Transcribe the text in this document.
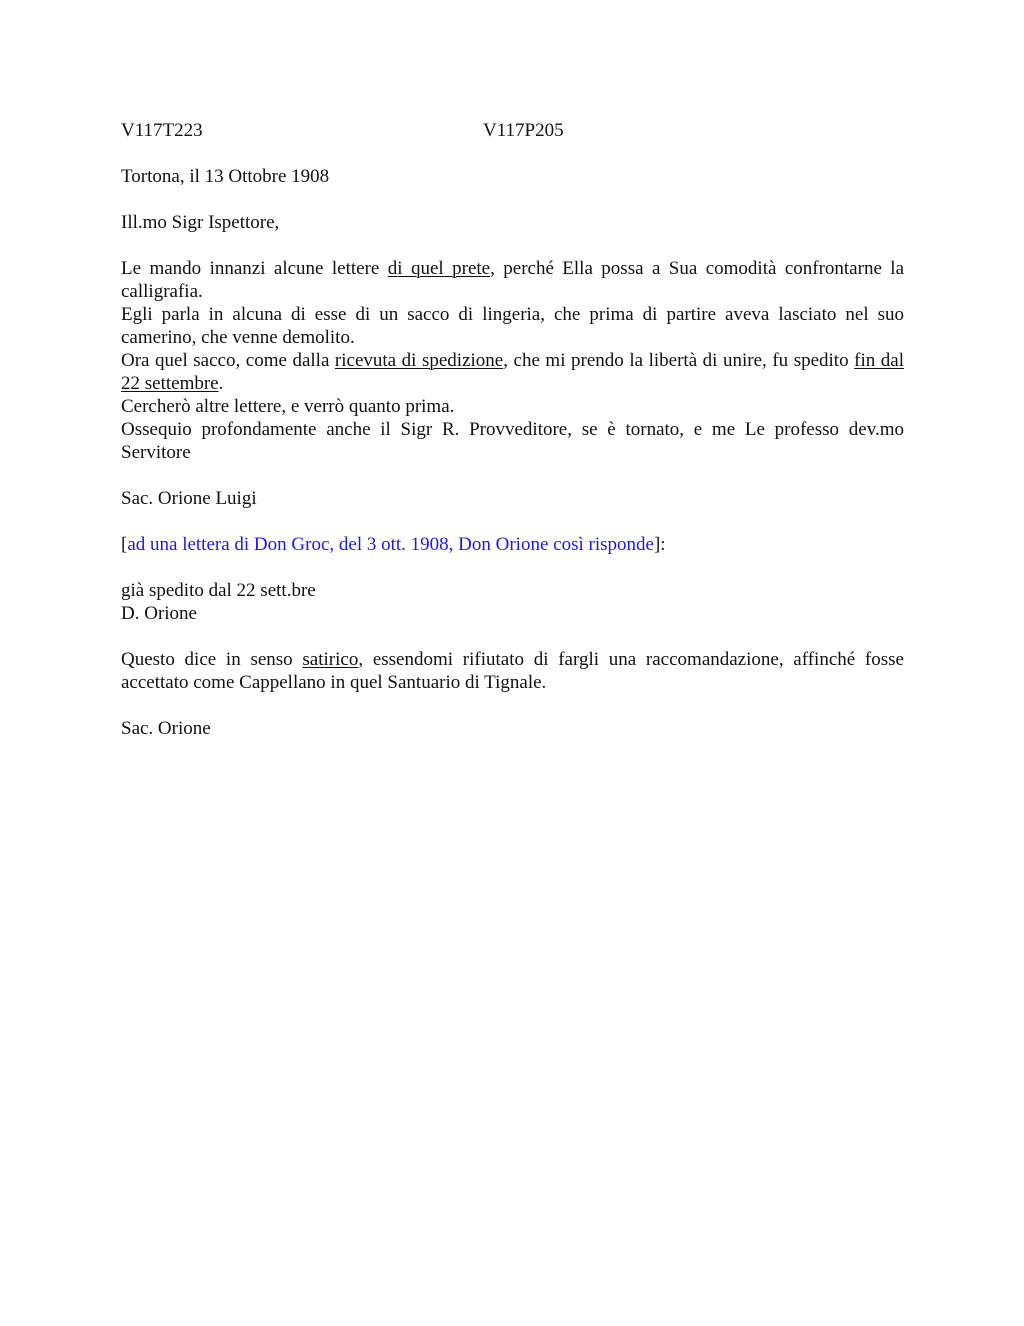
V117T223	V117P205

Tortona, il 13 Ottobre 1908

Ill.mo Sigr Ispettore,

Le mando innanzi alcune lettere di quel prete, perché Ella possa a Sua comodità confrontarne la calligrafia.

Egli parla in alcuna di esse di un sacco di lingeria, che prima di partire aveva lasciato nel suo camerino, che venne demolito.

Ora quel sacco, come dalla ricevuta di spedizione, che mi prendo la libertà di unire, fu spedito fin dal 22 settembre.

Cercherò altre lettere, e verrò quanto prima.

Ossequio profondamente anche il Sigr R. Provveditore, se è tornato, e me Le professo dev.mo Servitore

Sac. Orione Luigi

[ad una lettera di Don Groc, del 3 ott. 1908, Don Orione così risponde]:

già spedito dal 22 sett.bre

D. Orione

Questo dice in senso satirico, essendomi rifiutato di fargli una raccomandazione, affinché fosse accettato come Cappellano in quel Santuario di Tignale.

Sac. Orione
